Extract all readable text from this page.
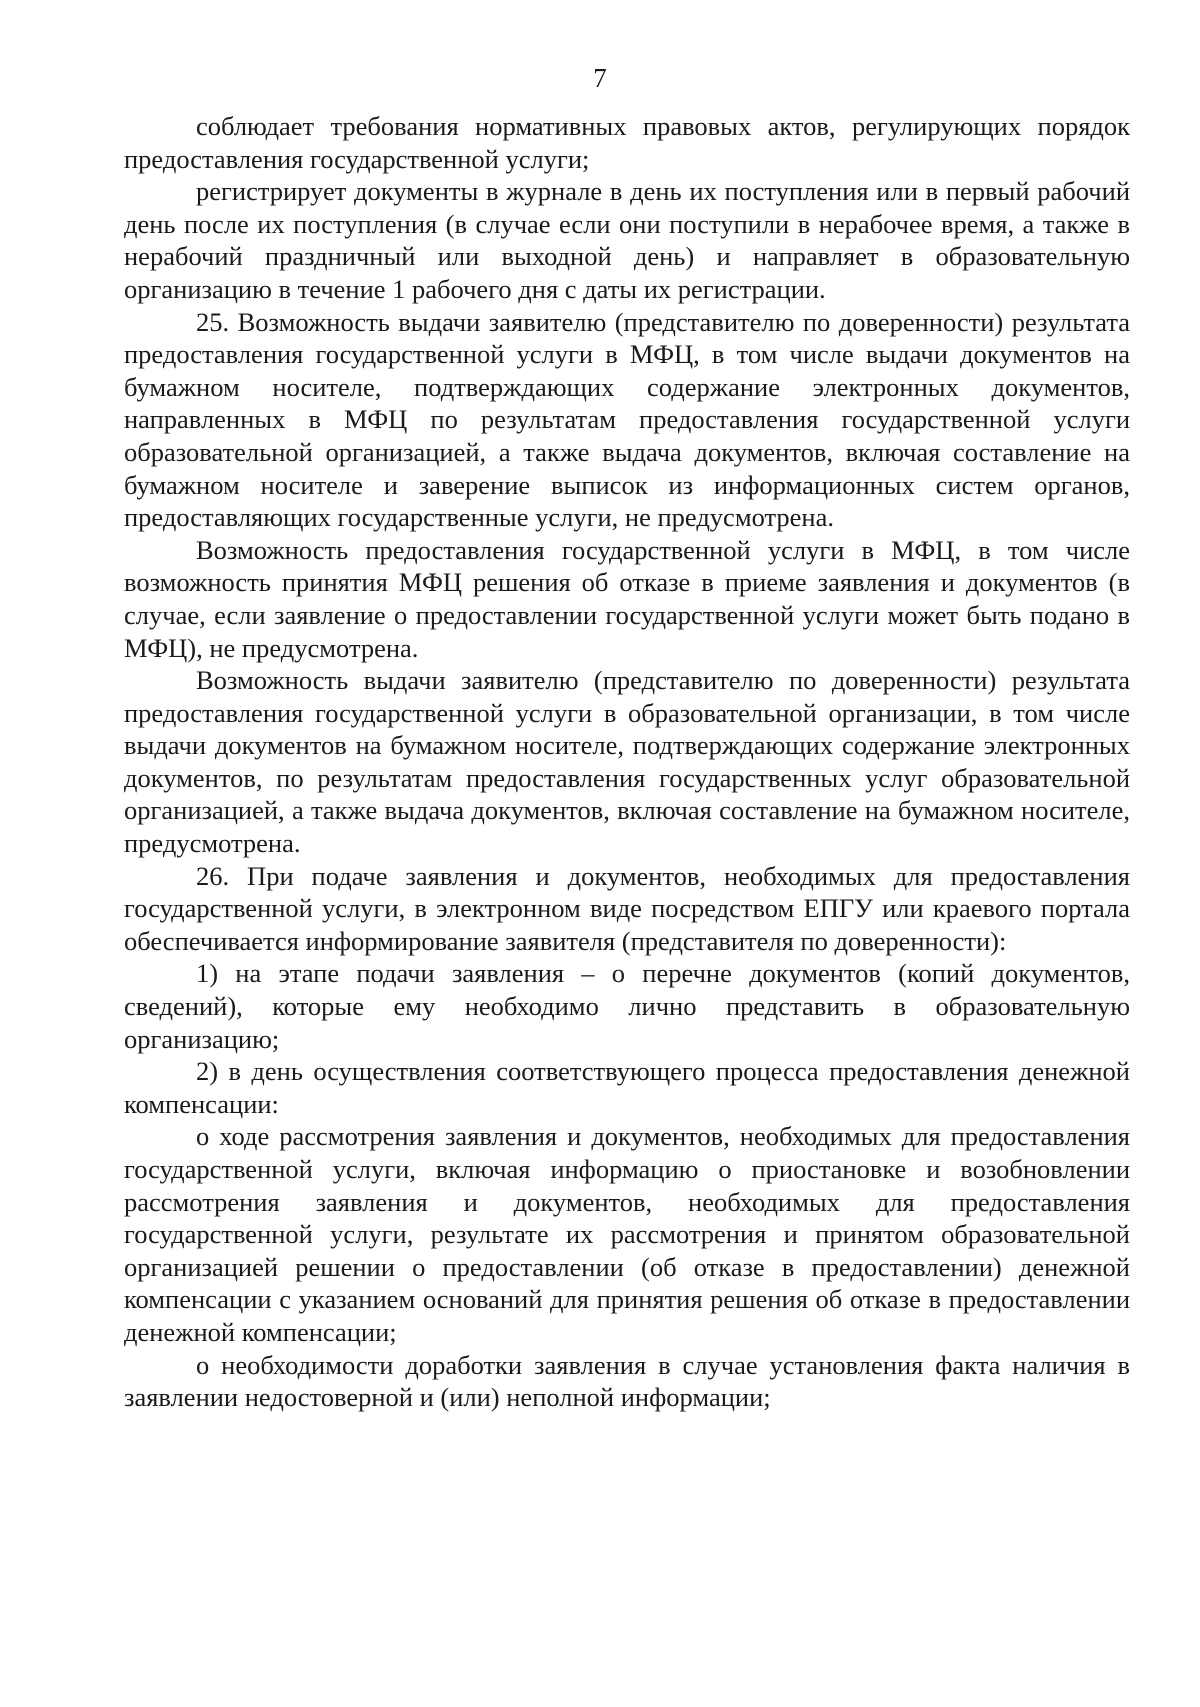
7

соблюдает требования нормативных правовых актов, регулирующих порядок предоставления государственной услуги;

регистрирует документы в журнале в день их поступления или в первый рабочий день после их поступления (в случае если они поступили в нерабочее время, а также в нерабочий праздничный или выходной день) и направляет в образовательную организацию в течение 1 рабочего дня с даты их регистрации.

25. Возможность выдачи заявителю (представителю по доверенности) результата предоставления государственной услуги в МФЦ, в том числе выдачи документов на бумажном носителе, подтверждающих содержание электронных документов, направленных в МФЦ по результатам предоставления государственной услуги образовательной организацией, а также выдача документов, включая составление на бумажном носителе и заверение выписок из информационных систем органов, предоставляющих государственные услуги, не предусмотрена.

Возможность предоставления государственной услуги в МФЦ, в том числе возможность принятия МФЦ решения об отказе в приеме заявления и документов (в случае, если заявление о предоставлении государственной услуги может быть подано в МФЦ), не предусмотрена.

Возможность выдачи заявителю (представителю по доверенности) результата предоставления государственной услуги в образовательной организации, в том числе выдачи документов на бумажном носителе, подтверждающих содержание электронных документов, по результатам предоставления государственных услуг образовательной организацией, а также выдача документов, включая составление на бумажном носителе, предусмотрена.

26. При подаче заявления и документов, необходимых для предоставления государственной услуги, в электронном виде посредством ЕПГУ или краевого портала обеспечивается информирование заявителя (представителя по доверенности):

1) на этапе подачи заявления – о перечне документов (копий документов, сведений), которые ему необходимо лично представить в образовательную организацию;

2) в день осуществления соответствующего процесса предоставления денежной компенсации:

о ходе рассмотрения заявления и документов, необходимых для предоставления государственной услуги, включая информацию о приостановке и возобновлении рассмотрения заявления и документов, необходимых для предоставления государственной услуги, результате их рассмотрения и принятом образовательной организацией решении о предоставлении (об отказе в предоставлении) денежной компенсации с указанием оснований для принятия решения об отказе в предоставлении денежной компенсации;

о необходимости доработки заявления в случае установления факта наличия в заявлении недостоверной и (или) неполной информации;
